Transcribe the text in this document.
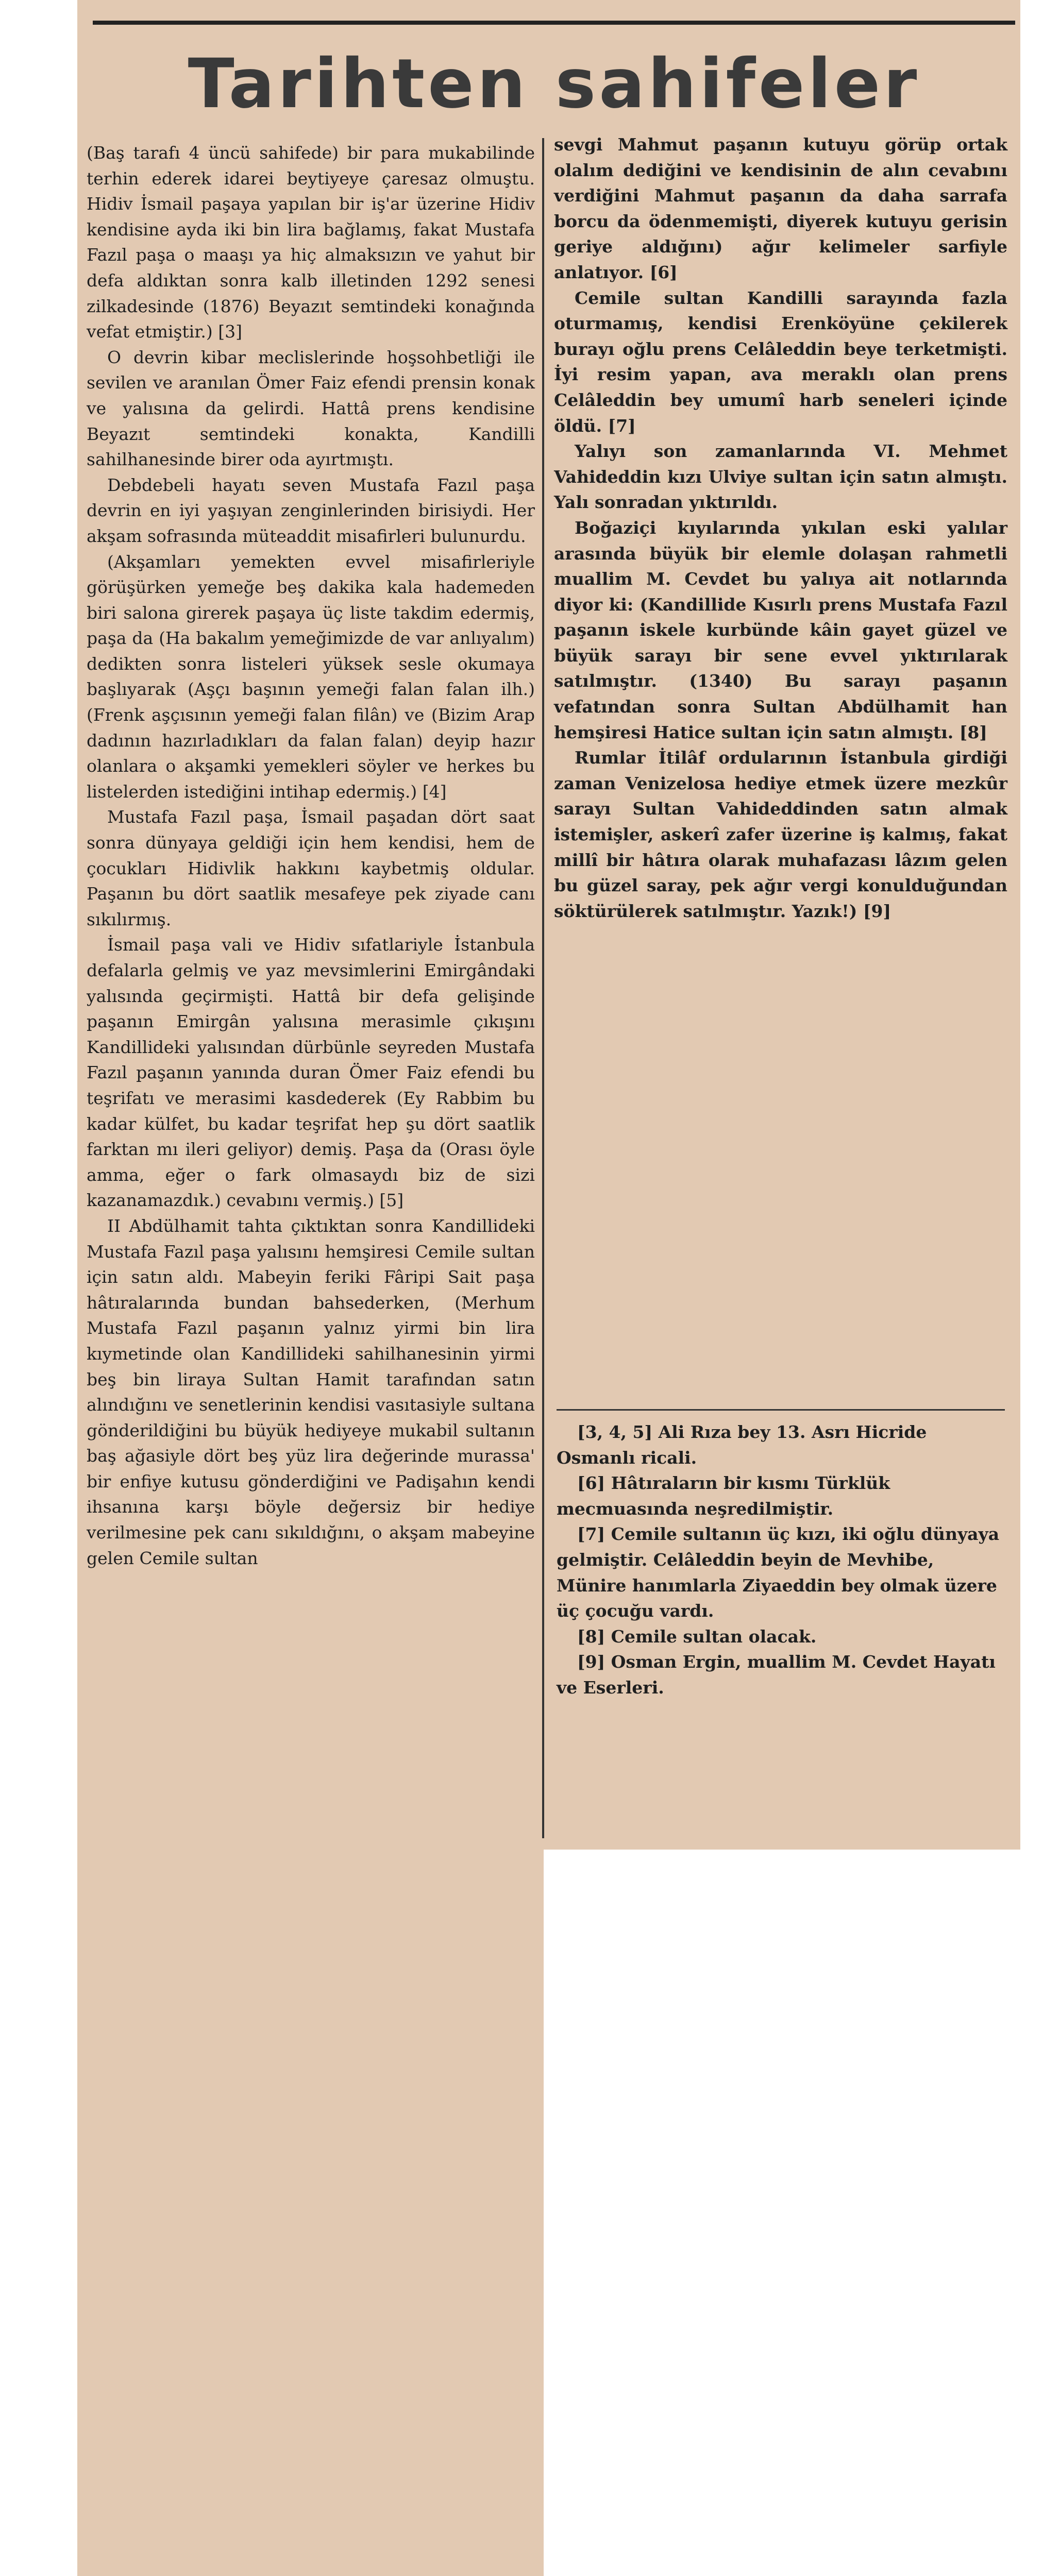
Tarihten sahifeler

(Baş tarafı 4 üncü sahifede) bir para mukabilinde terhin ederek idarei beytiyeye çaresaz olmuştu. Hidiv İsmail paşaya yapılan bir iş'ar üzerine Hidiv kendisine ayda iki bin lira bağlamış, fakat Mustafa Fazıl paşa o maaşı ya hiç almaksızın ve yahut bir defa aldıktan sonra kalb illetinden 1292 senesi zilkadesinde (1876) Beyazıt semtindeki konağında vefat etmiştir.) [3]

O devrin kibar meclislerinde hoşsohbetliği ile sevilen ve aranılan Ömer Faiz efendi prensin konak ve yalısına da gelirdi. Hattâ prens kendisine Beyazıt semtindeki konakta, Kandilli sahilhanesinde birer oda ayırtmıştı.

Debdebeli hayatı seven Mustafa Fazıl paşa devrin en iyi yaşıyan zenginlerinden birisiydi. Her akşam sofrasında müteaddit misafirleri bulunurdu.

(Akşamları yemekten evvel misafirleriyle görüşürken yemeğe beş dakika kala hademeden biri salona girerek paşaya üç liste takdim edermiş, paşa da (Ha bakalım yemeğimizde de var anlıyalım) dedikten sonra listeleri yüksek sesle okumaya başlıyarak (Aşçı başının yemeği falan falan ilh.) (Frenk aşçısının yemeği falan filân) ve (Bizim Arap dadının hazırladıkları da falan falan) deyip hazır olanlara o akşamki yemekleri söyler ve herkes bu listelerden istediğini intihap edermiş.) [4]

Mustafa Fazıl paşa, İsmail paşadan dört saat sonra dünyaya geldiği için hem kendisi, hem de çocukları Hidivlik hakkını kaybetmiş oldular. Paşanın bu dört saatlik mesafeye pek ziyade canı sıkılırmış.

İsmail paşa vali ve Hidiv sıfatlariyle İstanbula defalarla gelmiş ve yaz mevsimlerini Emirgândaki yalısında geçirmişti. Hattâ bir defa gelişinde paşanın Emirgân yalısına merasimle çıkışını Kandillideki yalısından dürbünle seyreden Mustafa Fazıl paşanın yanında duran Ömer Faiz efendi bu teşrifatı ve merasimi kasdederek (Ey Rabbim bu kadar külfet, bu kadar teşrifat hep şu dört saatlik farktan mı ileri geliyor) demiş. Paşa da (Orası öyle amma, eğer o fark olmasaydı biz de sizi kazanamazdık.) cevabını vermiş.) [5]

II Abdülhamit tahta çıktıktan sonra Kandillideki Mustafa Fazıl paşa yalısını hemşiresi Cemile sultan için satın aldı. Mabeyin feriki Fâripi Sait paşa hâtıralarında bundan bahsederken, (Merhum Mustafa Fazıl paşanın yalnız yirmi bin lira kıymetinde olan Kandillideki sahilhanesinin yirmi beş bin liraya Sultan Hamit tarafından satın alındığını ve senetlerinin kendisi vasıtasiyle sultana gönderildiğini bu büyük hediyeye mukabil sultanın baş ağasiyle dört beş yüz lira değerinde murassa' bir enfiye kutusu gönderdiğini ve Padişahın kendi ihsanına karşı böyle değersiz bir hediye verilmesine pek canı sıkıldığını, o akşam mabeyine gelen Cemile sultan

sevgi Mahmut paşanın kutuyu görüp ortak olalım dediğini ve kendisinin de alın cevabını verdiğini Mahmut paşanın da daha sarrafa borcu da ödenmemişti, diyerek kutuyu gerisin geriye aldığını) ağır kelimeler sarfiyle anlatıyor. [6]

Cemile sultan Kandilli sarayında fazla oturmamış, kendisi Erenköyüne çekilerek burayı oğlu prens Celâleddin beye terketmişti. İyi resim yapan, ava meraklı olan prens Celâleddin bey umumî harb seneleri içinde öldü. [7]

Yalıyı son zamanlarında VI. Mehmet Vahideddin kızı Ulviye sultan için satın almıştı. Yalı sonradan yıktırıldı.

Boğaziçi kıyılarında yıkılan eski yalılar arasında büyük bir elemle dolaşan rahmetli muallim M. Cevdet bu yalıya ait notlarında diyor ki: (Kandillide Kısırlı prens Mustafa Fazıl paşanın iskele kurbünde kâin gayet güzel ve büyük sarayı bir sene evvel yıktırılarak satılmıştır. (1340) Bu sarayı paşanın vefatından sonra Sultan Abdülhamit han hemşiresi Hatice sultan için satın almıştı. [8]

Rumlar İtilâf ordularının İstanbula girdiği zaman Venizelosa hediye etmek üzere mezkûr sarayı Sultan Vahideddinden satın almak istemişler, askerî zafer üzerine iş kalmış, fakat millî bir hâtıra olarak muhafazası lâzım gelen bu güzel saray, pek ağır vergi konulduğundan söktürülerek satılmıştır. Yazık!) [9]

[3, 4, 5] Ali Rıza bey 13. Asrı Hicride Osmanlı ricali.

[6] Hâtıraların bir kısmı Türklük mecmuasında neşredilmiştir.

[7] Cemile sultanın üç kızı, iki oğlu dünyaya gelmiştir. Celâleddin beyin de Mevhibe, Münire hanımlarla Ziyaeddin bey olmak üzere üç çocuğu vardı.

[8] Cemile sultan olacak.

[9] Osman Ergin, muallim M. Cevdet Hayatı ve Eserleri.
